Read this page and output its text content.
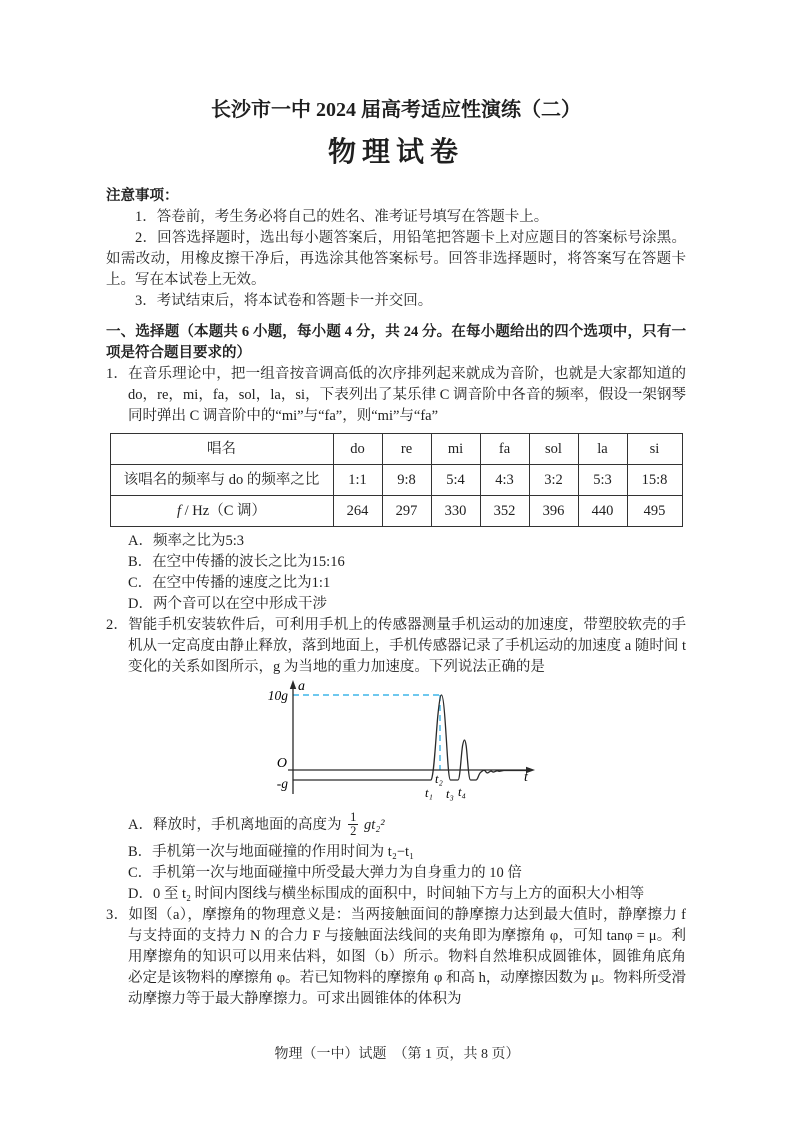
长沙市一中 2024 届高考适应性演练（二）
物理试卷

注意事项：

1．答卷前，考生务必将自己的姓名、准考证号填写在答题卡上。

2．回答选择题时，选出每小题答案后，用铅笔把答题卡上对应题目的答案标号涂黑。如需改动，用橡皮擦干净后，再选涂其他答案标号。回答非选择题时，将答案写在答题卡上。写在本试卷上无效。

3．考试结束后，将本试卷和答题卡一并交回。

一、选择题（本题共 6 小题，每小题 4 分，共 24 分。在每小题给出的四个选项中，只有一项是符合题目要求的）

1．在音乐理论中，把一组音按音调高低的次序排列起来就成为音阶，也就是大家都知道的do，re，mi，fa，sol，la，si，下表列出了某乐律 C 调音阶中各音的频率，假设一架钢琴同时弹出 C 调音阶中的“mi”与“fa”，则“mi”与“fa”

唱名	do	re	mi	fa	sol	la	si
该唱名的频率与 do 的频率之比	1:1	9:8	5:4	4:3	3:2	5:3	15:8
f / Hz（C 调）	264	297	330	352	396	440	495
A．频率之比为5:3
B．在空中传播的波长之比为15:16
C．在空中传播的速度之比为1:1
D．两个音可以在空中形成干涉

2．智能手机安装软件后，可利用手机上的传感器测量手机运动的加速度，带塑胶软壳的手机从一定高度由静止释放，落到地面上，手机传感器记录了手机运动的加速度 a 随时间 t 变化的关系如图所示，g 为当地的重力加速度。下列说法正确的是

a
10g
O
-g	t
t₁
t₂
t₃ t₄
A．释放时，手机离地面的高度为 $\frac{1}{2} gt_2^2$
B．手机第一次与地面碰撞的作用时间为 t₂−t₁
C．手机第一次与地面碰撞中所受最大弹力为自身重力的 10 倍
D．0 至 t₂ 时间内图线与横坐标围成的面积中，时间轴下方与上方的面积大小相等

3．如图（a），摩擦角的物理意义是：当两接触面间的静摩擦力达到最大值时，静摩擦力 f 与支持面的支持力 N 的合力 F 与接触面法线间的夹角即为摩擦角 φ，可知 tanφ = μ。利用摩擦角的知识可以用来估料，如图（b）所示。物料自然堆积成圆锥体，圆锥角底角必定是该物料的摩擦角 φ。若已知物料的摩擦角 φ 和高 h，动摩擦因数为 μ。物料所受滑动摩擦力等于最大静摩擦力。可求出圆锥体的体积为

物理（一中）试题　（第 1 页，共 8 页）
